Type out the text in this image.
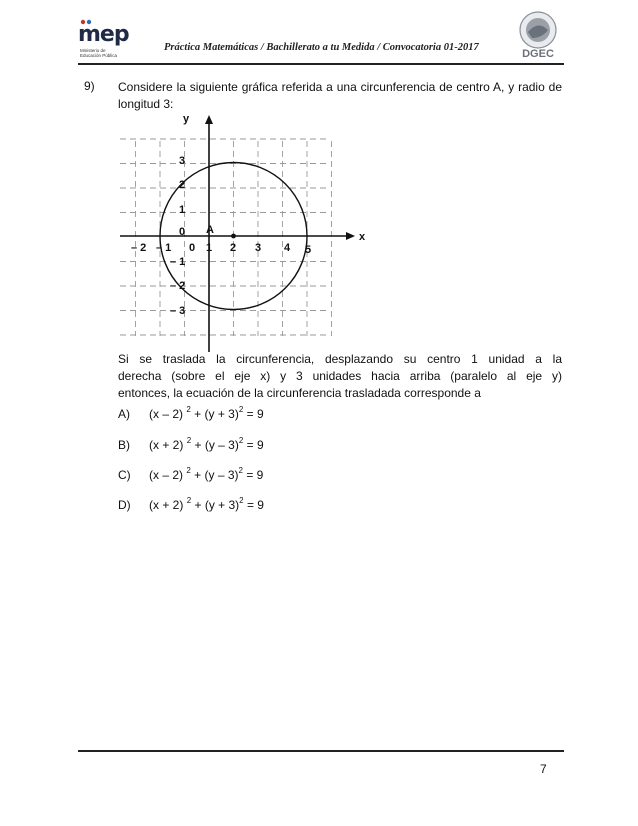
mep
Ministerio de Educación Pública
Práctica Matemáticas / Bachillerato a tu Medida / Convocatoria 01-2017
DGEC
9) Considere la siguiente gráfica referida a una circunferencia de centro A, y radio de longitud 3:
x
y
A
– 2 – 1 0 1 2 3 4 5
3
2
1
0
– 1
– 2
– 3
Si se traslada la circunferencia, desplazando su centro 1 unidad a la
derecha (sobre el eje x) y 3 unidades hacia arriba (paralelo al eje y)
entonces, la ecuación de la circunferencia trasladada corresponde a
A) (x – 2) $^2 + (y + 3)^2 = 9$
B) (x + 2) $^2$ + (y – 3)$^2$ = 9
C) (x – 2) $^2$ + (y – 3)$^2$ = 9
D) (x + 2) $^2 + (y + 3)^2 = 9$
7
